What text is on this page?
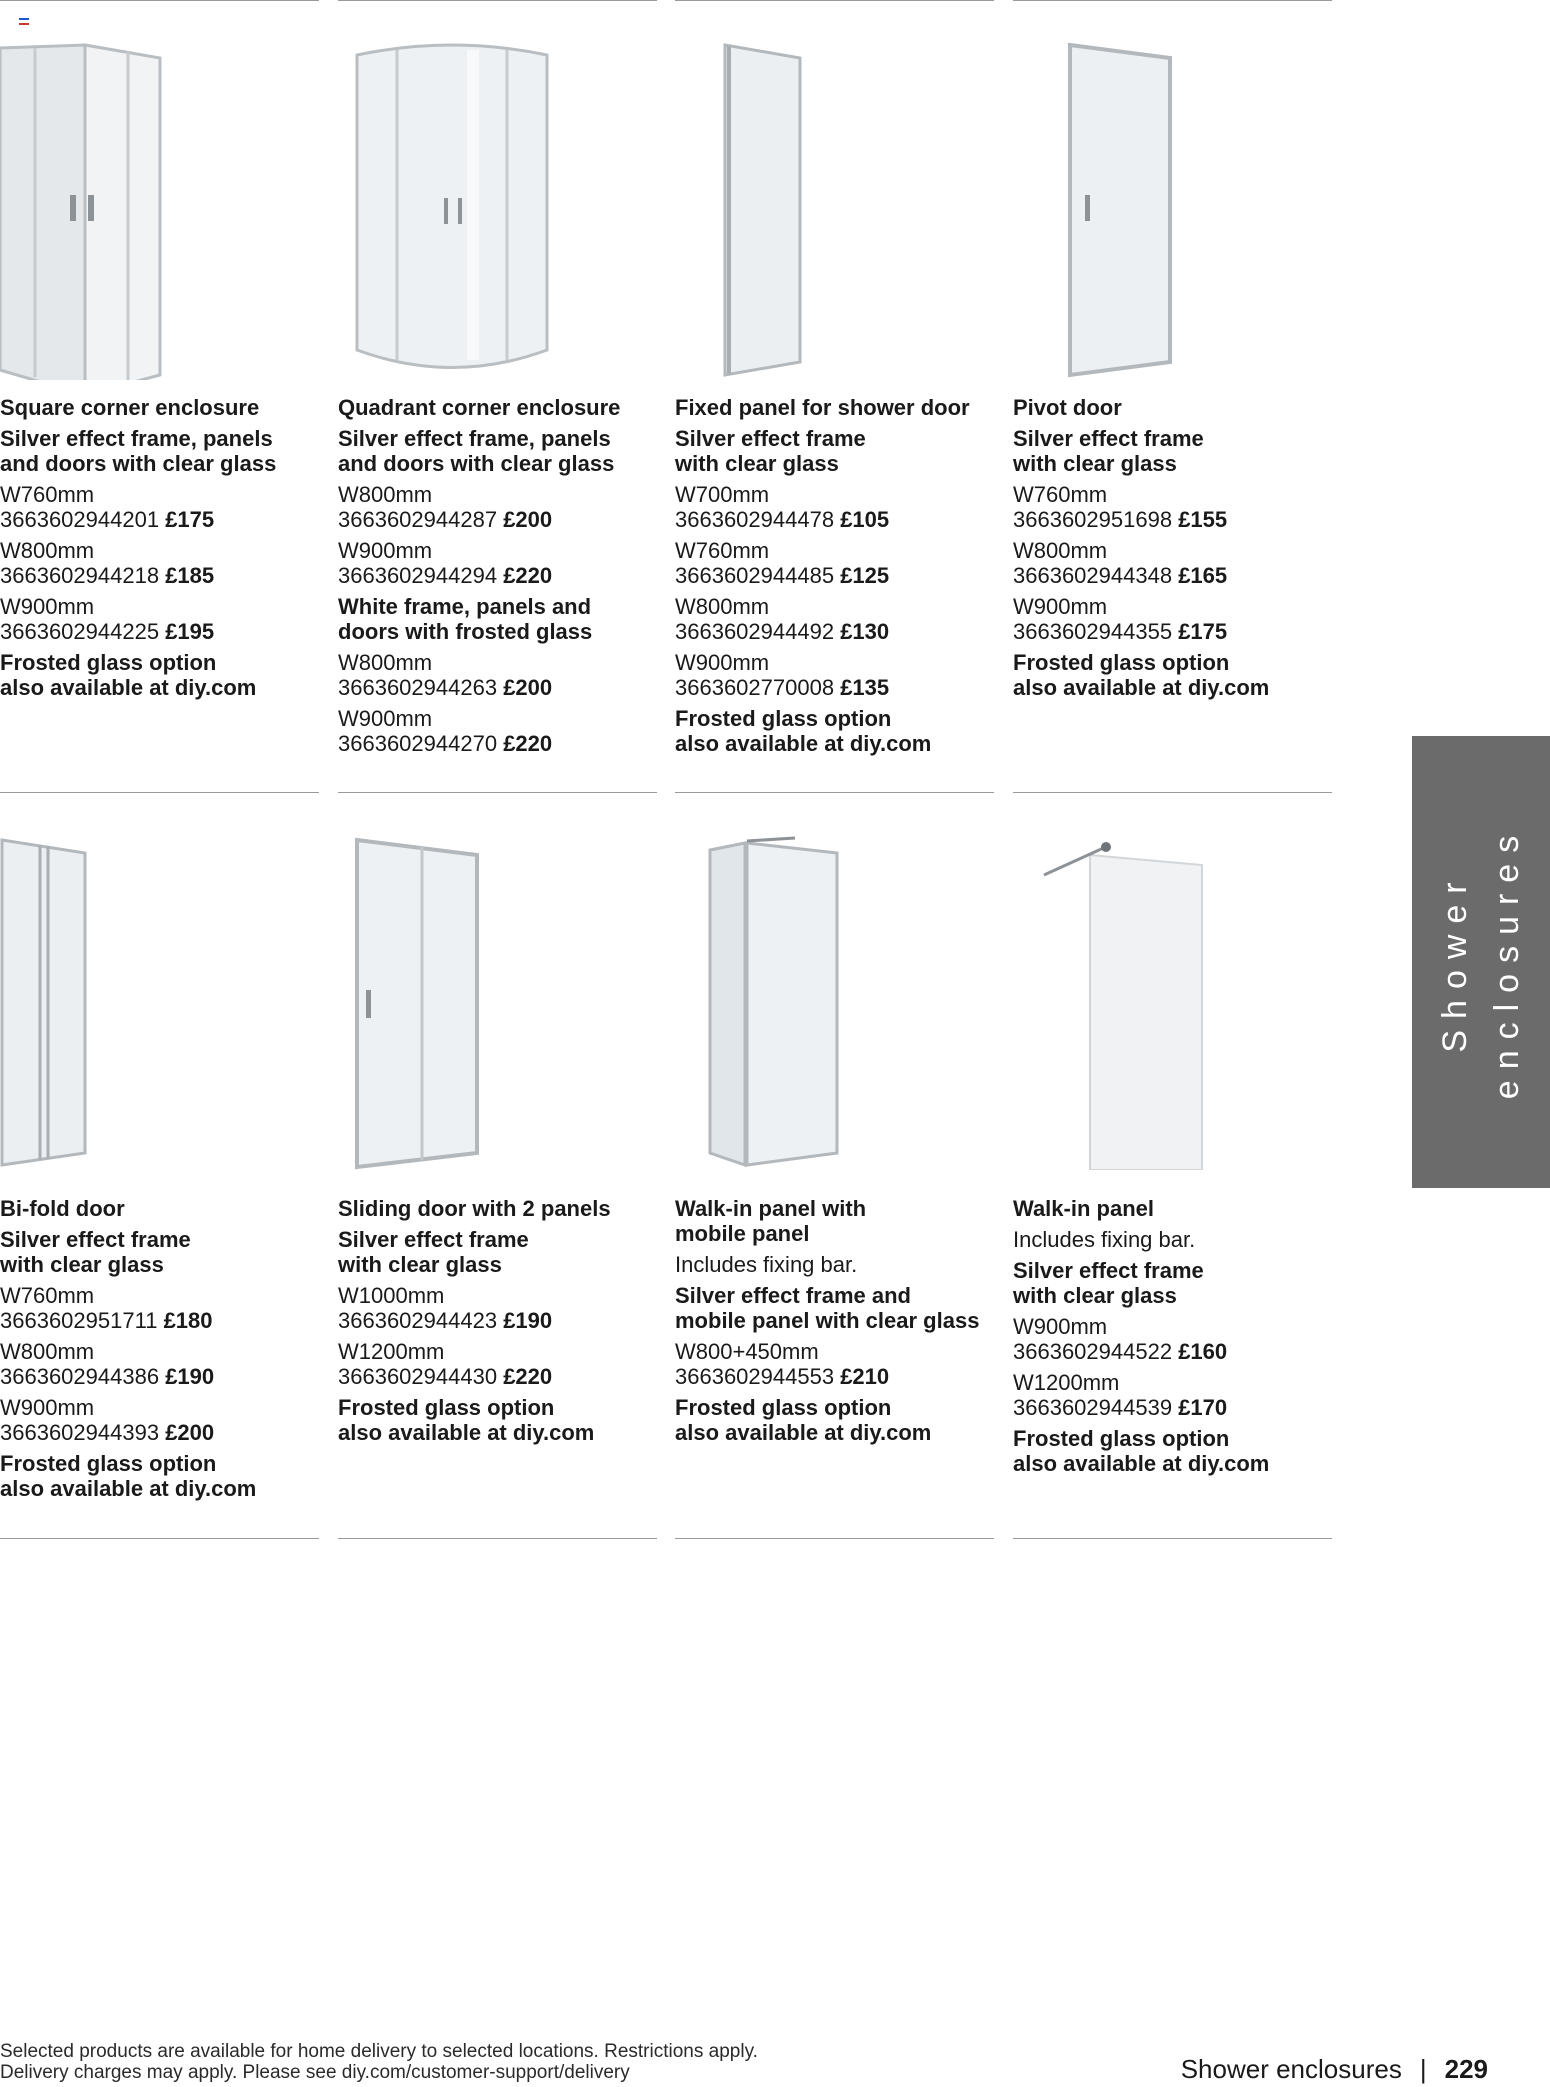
Square corner enclosure
Silver effect frame, panels
and doors with clear glass
W760mm
3663602944201 £175
W800mm
3663602944218 £185
W900mm
3663602944225 £195
Frosted glass option
also available at diy.com
Quadrant corner enclosure
Silver effect frame, panels
and doors with clear glass
W800mm
3663602944287 £200
W900mm
3663602944294 £220
White frame, panels and
doors with frosted glass
W800mm
3663602944263 £200
W900mm
3663602944270 £220
Fixed panel for shower door
Silver effect frame
with clear glass
W700mm
3663602944478 £105
W760mm
3663602944485 £125
W800mm
3663602944492 £130
W900mm
3663602770008 £135
Frosted glass option
also available at diy.com
Pivot door
Silver effect frame
with clear glass
W760mm
3663602951698 £155
W800mm
3663602944348 £165
W900mm
3663602944355 £175
Frosted glass option
also available at diy.com
Bi-fold door
Silver effect frame
with clear glass
W760mm
3663602951711 £180
W800mm
3663602944386 £190
W900mm
3663602944393 £200
Frosted glass option
also available at diy.com
Sliding door with 2 panels
Silver effect frame
with clear glass
W1000mm
3663602944423 £190
W1200mm
3663602944430 £220
Frosted glass option
also available at diy.com
Walk-in panel with
mobile panel
Includes fixing bar.
Silver effect frame and
mobile panel with clear glass
W800+450mm
3663602944553 £210
Frosted glass option
also available at diy.com
Walk-in panel
Includes fixing bar.
Silver effect frame
with clear glass
W900mm
3663602944522 £160
W1200mm
3663602944539 £170
Frosted glass option
also available at diy.com
Shower enclosures
Selected products are available for home delivery to selected locations. Restrictions apply.
Delivery charges may apply. Please see diy.com/customer-support/delivery	Shower enclosures | 229
